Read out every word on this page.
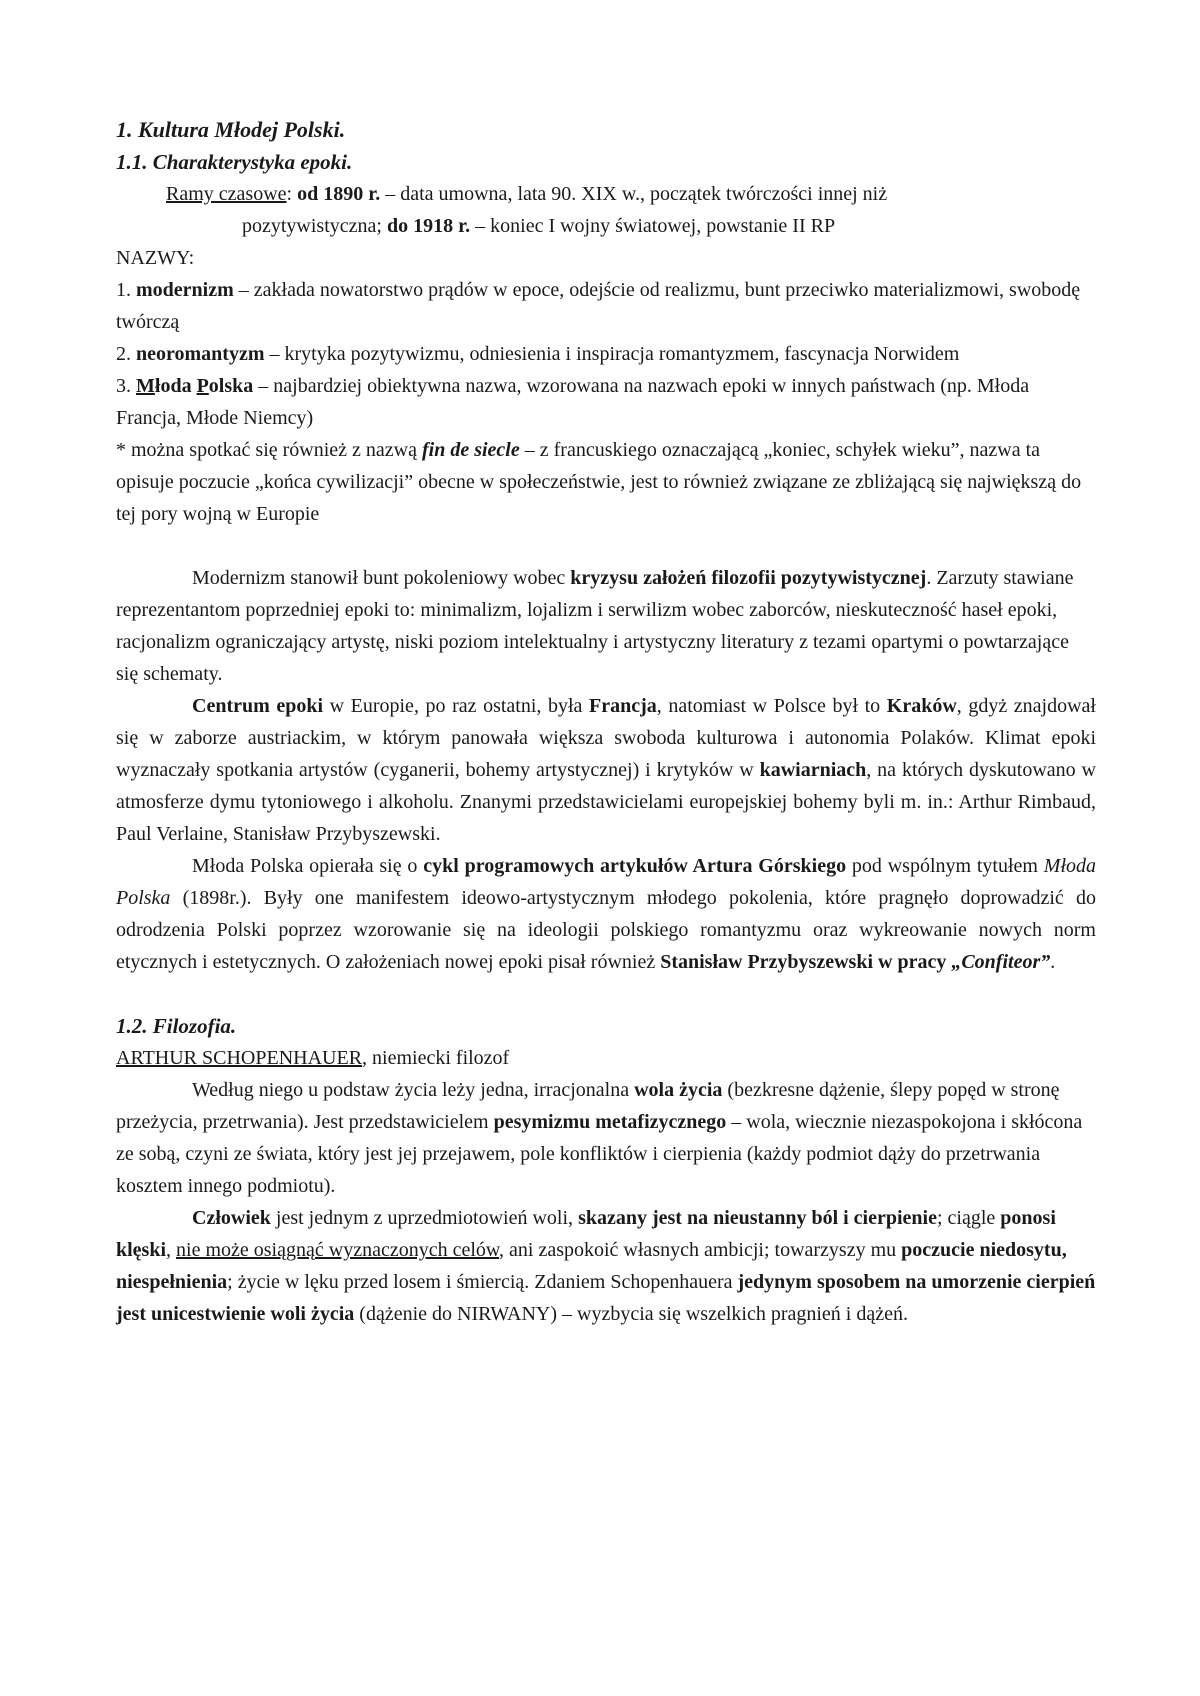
1. Kultura Młodej Polski.
1.1. Charakterystyka epoki.
Ramy czasowe: od 1890 r. – data umowna, lata 90. XIX w., początek twórczości innej niż
pozytywistyczna; do 1918 r. – koniec I wojny światowej, powstanie II RP
NAZWY:
1. modernizm – zakłada nowatorstwo prądów w epoce, odejście od realizmu, bunt przeciwko materializmowi, swobodę twórczą
2. neoromantyzm – krytyka pozytywizmu, odniesienia i inspiracja romantyzmem, fascynacja Norwidem
3. Młoda Polska – najbardziej obiektywna nazwa, wzorowana na nazwach epoki w innych państwach (np. Młoda Francja, Młode Niemcy)
* można spotkać się również z nazwą fin de siecle – z francuskiego oznaczającą „koniec, schyłek wieku”, nazwa ta opisuje poczucie „końca cywilizacji” obecne w społeczeństwie, jest to również związane ze zbliżającą się największą do tej pory wojną w Europie
Modernizm stanowił bunt pokoleniowy wobec kryzysu założeń filozofii pozytywistycznej. Zarzuty stawiane reprezentantom poprzedniej epoki to: minimalizm, lojalizm i serwilizm wobec zaborców, nieskuteczność haseł epoki, racjonalizm ograniczający artystę, niski poziom intelektualny i artystyczny literatury z tezami opartymi o powtarzające się schematy.
Centrum epoki w Europie, po raz ostatni, była Francja, natomiast w Polsce był to Kraków, gdyż znajdował się w zaborze austriackim, w którym panowała większa swoboda kulturowa i autonomia Polaków. Klimat epoki wyznaczały spotkania artystów (cyganerii, bohemy artystycznej) i krytyków w kawiarniach, na których dyskutowano w atmosferze dymu tytoniowego i alkoholu. Znanymi przedstawicielami europejskiej bohemy byli m. in.: Arthur Rimbaud, Paul Verlaine, Stanisław Przybyszewski.
Młoda Polska opierała się o cykl programowych artykułów Artura Górskiego pod wspólnym tytułem Młoda Polska (1898r.). Były one manifestem ideowo-artystycznym młodego pokolenia, które pragnęło doprowadzić do odrodzenia Polski poprzez wzorowanie się na ideologii polskiego romantyzmu oraz wykreowanie nowych norm etycznych i estetycznych. O założeniach nowej epoki pisał również Stanisław Przybyszewski w pracy „Confiteor”.
1.2. Filozofia.
ARTHUR SCHOPENHAUER, niemiecki filozof
Według niego u podstaw życia leży jedna, irracjonalna wola życia (bezkresne dążenie, ślepy popęd w stronę przeżycia, przetrwania). Jest przedstawicielem pesymizmu metafizycznego – wola, wiecznie niezaspokojona i skłócona ze sobą, czyni ze świata, który jest jej przejawem, pole konfliktów i cierpienia (każdy podmiot dąży do przetrwania kosztem innego podmiotu).
Człowiek jest jednym z uprzedmiotowień woli, skazany jest na nieustanny ból i cierpienie; ciągle ponosi klęski, nie może osiągnąć wyznaczonych celów, ani zaspokoić własnych ambicji; towarzyszy mu poczucie niedosytu, niespełnienia; życie w lęku przed losem i śmiercią. Zdaniem Schopenhauera jedynym sposobem na umorzenie cierpień jest unicestwienie woli życia (dążenie do NIRWANY) – wyzbycia się wszelkich pragnień i dążeń.
